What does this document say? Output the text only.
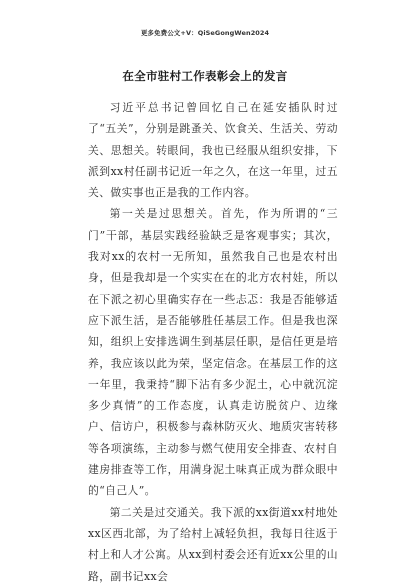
更多免费公文+V：QiSeGongWen2024
在全市驻村工作表彰会上的发言

习近平总书记曾回忆自己在延安插队时过了“五关”，分别是跳蚤关、饮食关、生活关、劳动关、思想关。转眼间，我也已经服从组织安排，下派到xx村任副书记近一年之久，在这一年里，过五关、做实事也正是我的工作内容。

第一关是过思想关。首先，作为所谓的“三门”干部，基层实践经验缺乏是客观事实；其次，我对xx的农村一无所知，虽然我自己也是农村出身，但是我却是一个实实在在的北方农村娃，所以在下派之初心里确实存在一些忐忑：我是否能够适应下派生活，是否能够胜任基层工作。但是我也深知，组织上安排选调生到基层任职，是信任更是培养，我应该以此为荣，坚定信念。在基层工作的这一年里，我秉持“脚下沾有多少泥土，心中就沉淀多少真情”的工作态度，认真走访脱贫户、边缘户、信访户，积极参与森林防灭火、地质灾害转移等各项演练，主动参与燃气使用安全排查、农村自建房排查等工作，用满身泥土味真正成为群众眼中的“自己人”。

第二关是过交通关。我下派的xx街道xx村地处xx区西北部，为了给村上减轻负担，我每日往返于村上和人才公寓。从xx到村委会还有近xx公里的山路，副书记xx会
